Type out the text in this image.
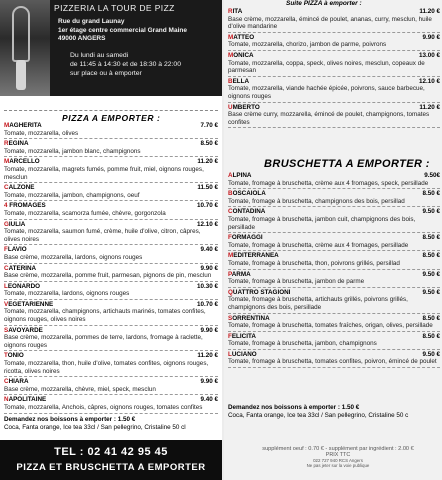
PIZZERIA LA TOUR DE PIZZ
Rue du grand Launay
1er étage centre commercial Grand Maine
49000 ANGERS
Du lundi au samedi
de 11:45 à 14:30 et de 18:30 à 22:00
sur place ou à emporter
PIZZA A EMPORTER :
MAGHERITA	7.70 €
Tomate, mozzarella, olives
REGINA	8.50 €
Tomate, mozzarella, jambon blanc, champignons
MARCELLO	11.20 €
Tomate, mozzarella, magrets fumés, pomme fruit, miel, oignons rouges, mesclun
CALZONE	11.50 €
Tomate, mozzarella, jambon, champignons, oeuf
4 FROMAGES	10.70 €
Tomate, mozzarella, scamorza fumée, chèvre, gorgonzola
GIULIA	12.10 €
Tomate, mozzarella, saumon fumé, crème, huile d'olive, citron, câpres, olives noires
FLAVIO	9.40 €
Base crème, mozzarella, lardons, oignons rouges
CATERINA	9.90 €
Base crème, mozzarella, pomme fruit, parmesan, pignons de pin, mesclun
LEONARDO	10.30 €
Tomate, mozzarella, lardons, oignons rouges
VEGETARIENNE	10.70 €
Tomate, mozzarella, champignons, artichauts marinés, tomates confites, oignons rouges, olives noires
SAVOYARDE	9.90 €
Base crème, mozzarella, pommes de terre, lardons, fromage à raclette, oignons rouges
TONIO	11.20 €
Tomate, mozzarella, thon, huile d'olive, tomates confites, oignons rouges, ricotta, olives noires
CHIARA	9.90 €
Base crème, mozzarella, chèvre, miel, speck, mesclun
NAPOLITAINE	9.40 €
Tomate, mozzarella, Anchois, câpres, oignons rouges, tomates confites
Demandez nos boissons à emporter : 1.50 €
Coca, Fanta orange, Ice tea 33cl / San pellegrino, Cristaline 50 cl
TEL : 02 41 42 95 45
PIZZA ET BRUSCHETTA A EMPORTER
Suite PIZZA à emporter :
RITA	11.20 €
Base crème, mozzarella, émincé de poulet, ananas, curry, mesclun, huile d'olive mandarine
MATTEO	9.90 €
Tomate, mozzarella, chorizo, jambon de parme, poivrons
MONICA	13.00 €
Tomate, mozzarella, coppa, speck, olives noires, mesclun, copeaux de parmesan
BELLA	12.10 €
Tomate, mozzarella, viande hachée épicée, poivrons, sauce barbecue, oignons rouges
UMBERTO	11.20 €
Base crème curry, mozzarella, émincé de poulet, champignons, tomates confites
BRUSCHETTA A EMPORTER :
ALPINA	9.50€
Tomate, fromage à bruschetta, crème aux 4 fromages, speck, persillade
BOSCAIOLA	8.50 €
Tomate, fromage à bruschetta, champignons des bois, persillad
CONTADINA	9.50 €
Tomate, fromage à bruschetta, jambon cuit, champignons des bois, persillade
FORMAGGI	8.50 €
Tomate, fromage à bruschetta, crème aux 4 fromages, persillade
MEDITERRANEA	8.50 €
Tomate, fromage à bruschetta, thon, poivrons grillés, persillad
PARMA	9.50 €
Tomate, fromage à bruschetta, jambon de parme
QUATTRO STAGIONI	9.50 €
Tomate, fromage à bruschetta, artichauts grillés, poivrons grillés, champignons des bois, persillade
SORRENTINA	8.50 €
Tomate, fromage à bruschetta, tomates fraîches, origan, olives, persillade
FELICITA	8.50 €
Tomate, fromage à bruschetta, jambon, champignons
LUCIANO	9.50 €
Tomate, fromage à bruschetta, tomates confites, poivron, émincé de poulet
Demandez nos boissons à emporter : 1.50 €
Coca, Fanta orange, Ice tea 33cl / San pellegrino, Cristaline 50 c
supplément oeuf : 0.70 € - supplément par ingrédient : 2.00 €
PRIX TTC
022 727 940 RCS Angers
Ne pas jeter sur la voie publique
